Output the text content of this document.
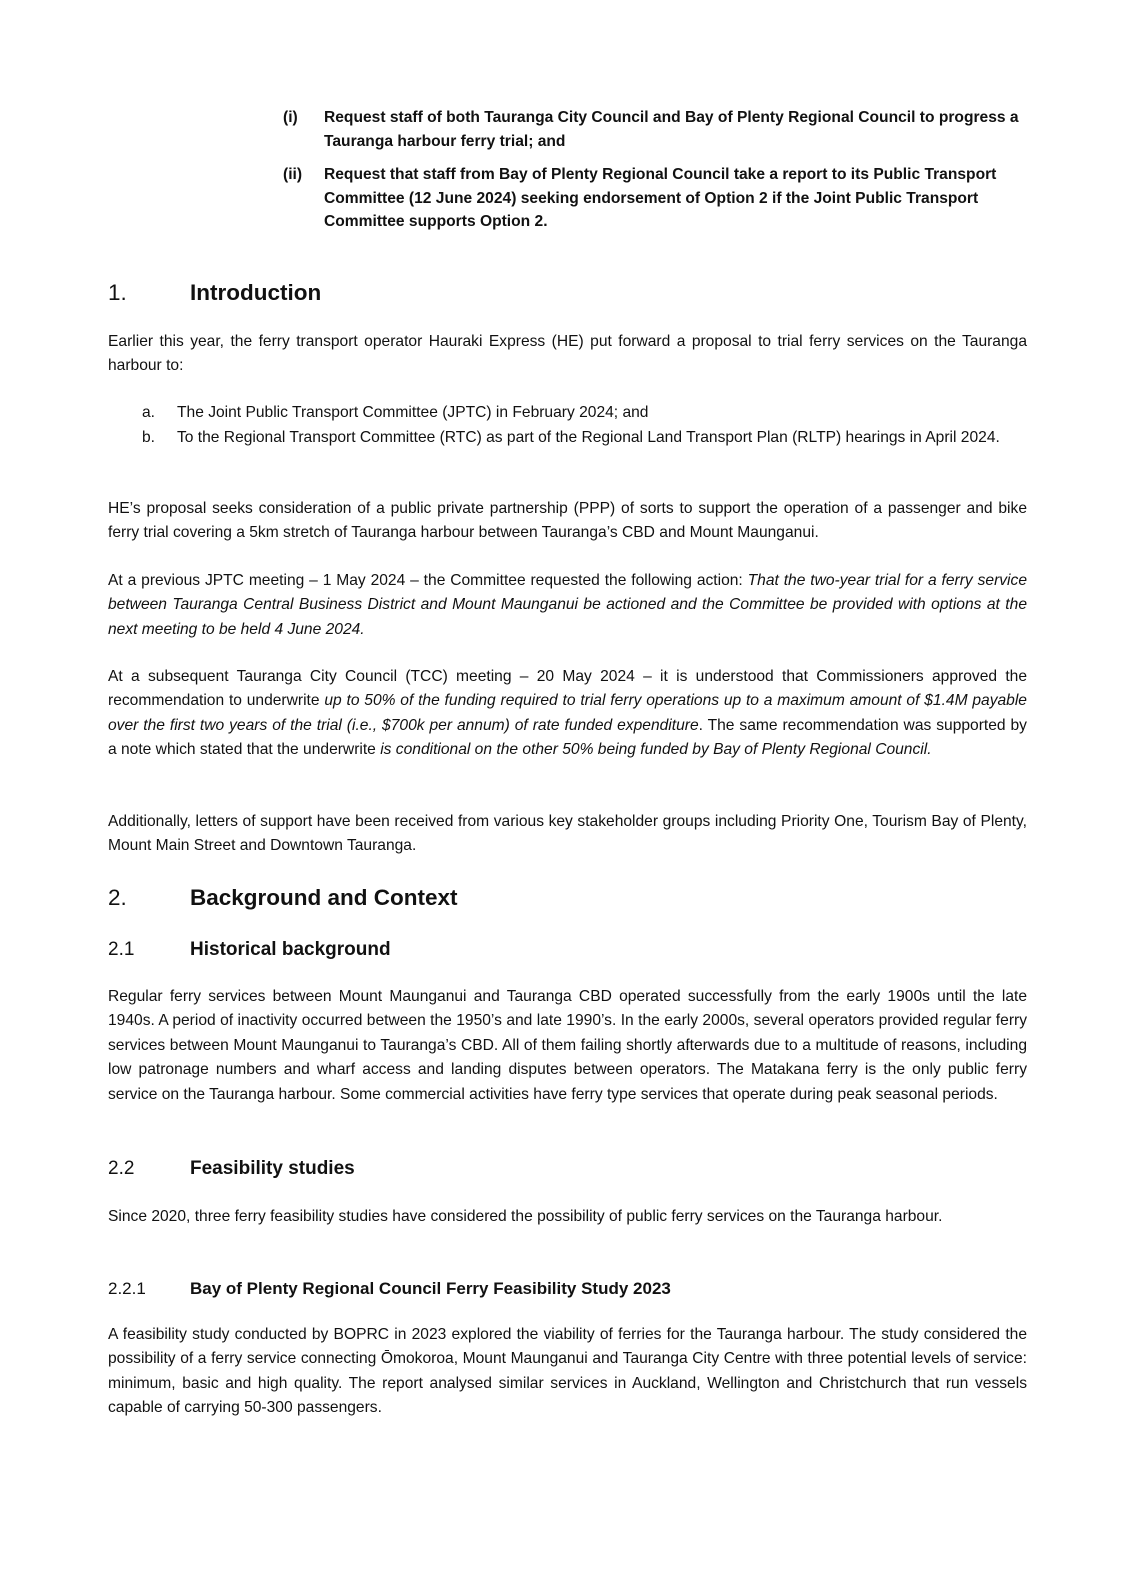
(i)	Request staff of both Tauranga City Council and Bay of Plenty Regional Council to progress a Tauranga harbour ferry trial; and
(ii)	Request that staff from Bay of Plenty Regional Council take a report to its Public Transport Committee (12 June 2024) seeking endorsement of Option 2 if the Joint Public Transport Committee supports Option 2.
1.	Introduction

Earlier this year, the ferry transport operator Hauraki Express (HE) put forward a proposal to trial ferry services on the Tauranga harbour to:

a. The Joint Public Transport Committee (JPTC) in February 2024; and
b. To the Regional Transport Committee (RTC) as part of the Regional Land Transport Plan (RLTP) hearings in April 2024.

HE’s proposal seeks consideration of a public private partnership (PPP) of sorts to support the operation of a passenger and bike ferry trial covering a 5km stretch of Tauranga harbour between Tauranga’s CBD and Mount Maunganui.

At a previous JPTC meeting – 1 May 2024 – the Committee requested the following action: That the two-year trial for a ferry service between Tauranga Central Business District and Mount Maunganui be actioned and the Committee be provided with options at the next meeting to be held 4 June 2024.

At a subsequent Tauranga City Council (TCC) meeting – 20 May 2024 – it is understood that Commissioners approved the recommendation to underwrite up to 50% of the funding required to trial ferry operations up to a maximum amount of $1.4M payable over the first two years of the trial (i.e., $700k per annum) of rate funded expenditure. The same recommendation was supported by a note which stated that the underwrite is conditional on the other 50% being funded by Bay of Plenty Regional Council.

Additionally, letters of support have been received from various key stakeholder groups including Priority One, Tourism Bay of Plenty, Mount Main Street and Downtown Tauranga.

2.	Background and Context
2.1	Historical background

Regular ferry services between Mount Maunganui and Tauranga CBD operated successfully from the early 1900s until the late 1940s. A period of inactivity occurred between the 1950’s and late 1990’s. In the early 2000s, several operators provided regular ferry services between Mount Maunganui to Tauranga’s CBD. All of them failing shortly afterwards due to a multitude of reasons, including low patronage numbers and wharf access and landing disputes between operators. The Matakana ferry is the only public ferry service on the Tauranga harbour. Some commercial activities have ferry type services that operate during peak seasonal periods.

2.2	Feasibility studies

Since 2020, three ferry feasibility studies have considered the possibility of public ferry services on the Tauranga harbour.

2.2.1	Bay of Plenty Regional Council Ferry Feasibility Study 2023

A feasibility study conducted by BOPRC in 2023 explored the viability of ferries for the Tauranga harbour. The study considered the possibility of a ferry service connecting Ōmokoroa, Mount Maunganui and Tauranga City Centre with three potential levels of service: minimum, basic and high quality. The report analysed similar services in Auckland, Wellington and Christchurch that run vessels capable of carrying 50-300 passengers.
